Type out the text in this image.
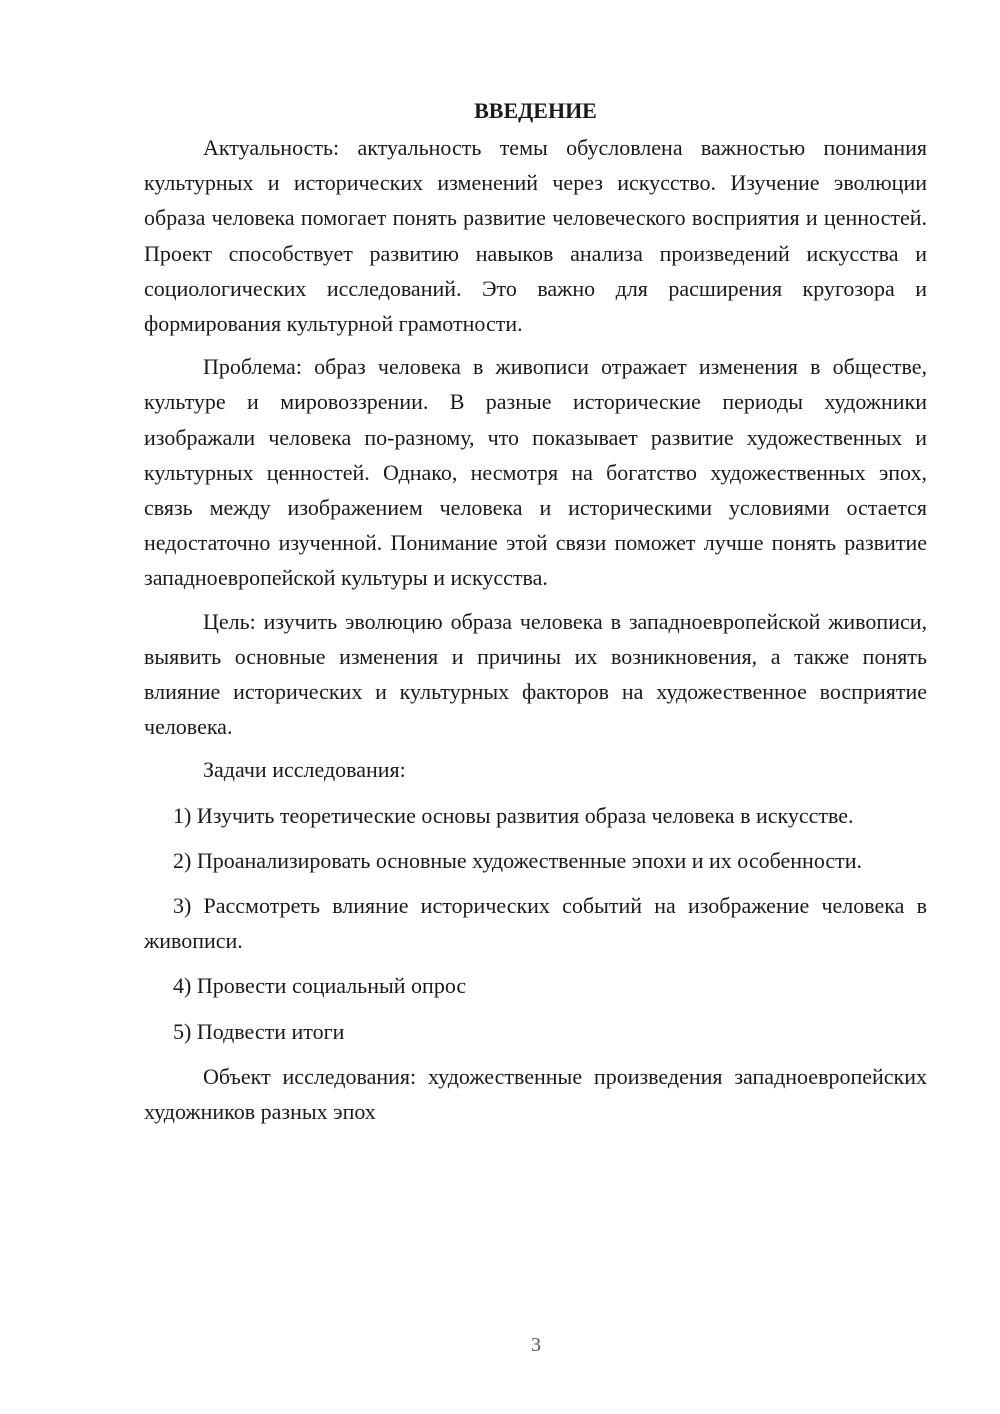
ВВЕДЕНИЕ

Актуальность: актуальность темы обусловлена важностью понимания культурных и исторических изменений через искусство. Изучение эволюции образа человека помогает понять развитие человеческого восприятия и ценностей. Проект способствует развитию навыков анализа произведений искусства и социологических исследований. Это важно для расширения кругозора и формирования культурной грамотности.

Проблема: образ человека в живописи отражает изменения в обществе, культуре и мировоззрении. В разные исторические периоды художники изображали человека по-разному, что показывает развитие художественных и культурных ценностей. Однако, несмотря на богатство художественных эпох, связь между изображением человека и историческими условиями остается недостаточно изученной. Понимание этой связи поможет лучше понять развитие западноевропейской культуры и искусства.

Цель: изучить эволюцию образа человека в западноевропейской живописи, выявить основные изменения и причины их возникновения, а также понять влияние исторических и культурных факторов на художественное восприятие человека.

Задачи исследования:

1) Изучить теоретические основы развития образа человека в искусстве.

2) Проанализировать основные художественные эпохи и их особенности.

3) Рассмотреть влияние исторических событий на изображение человека в живописи.

4) Провести социальный опрос

5) Подвести итоги

Объект исследования: художественные произведения западноевропейских художников разных эпох

3
